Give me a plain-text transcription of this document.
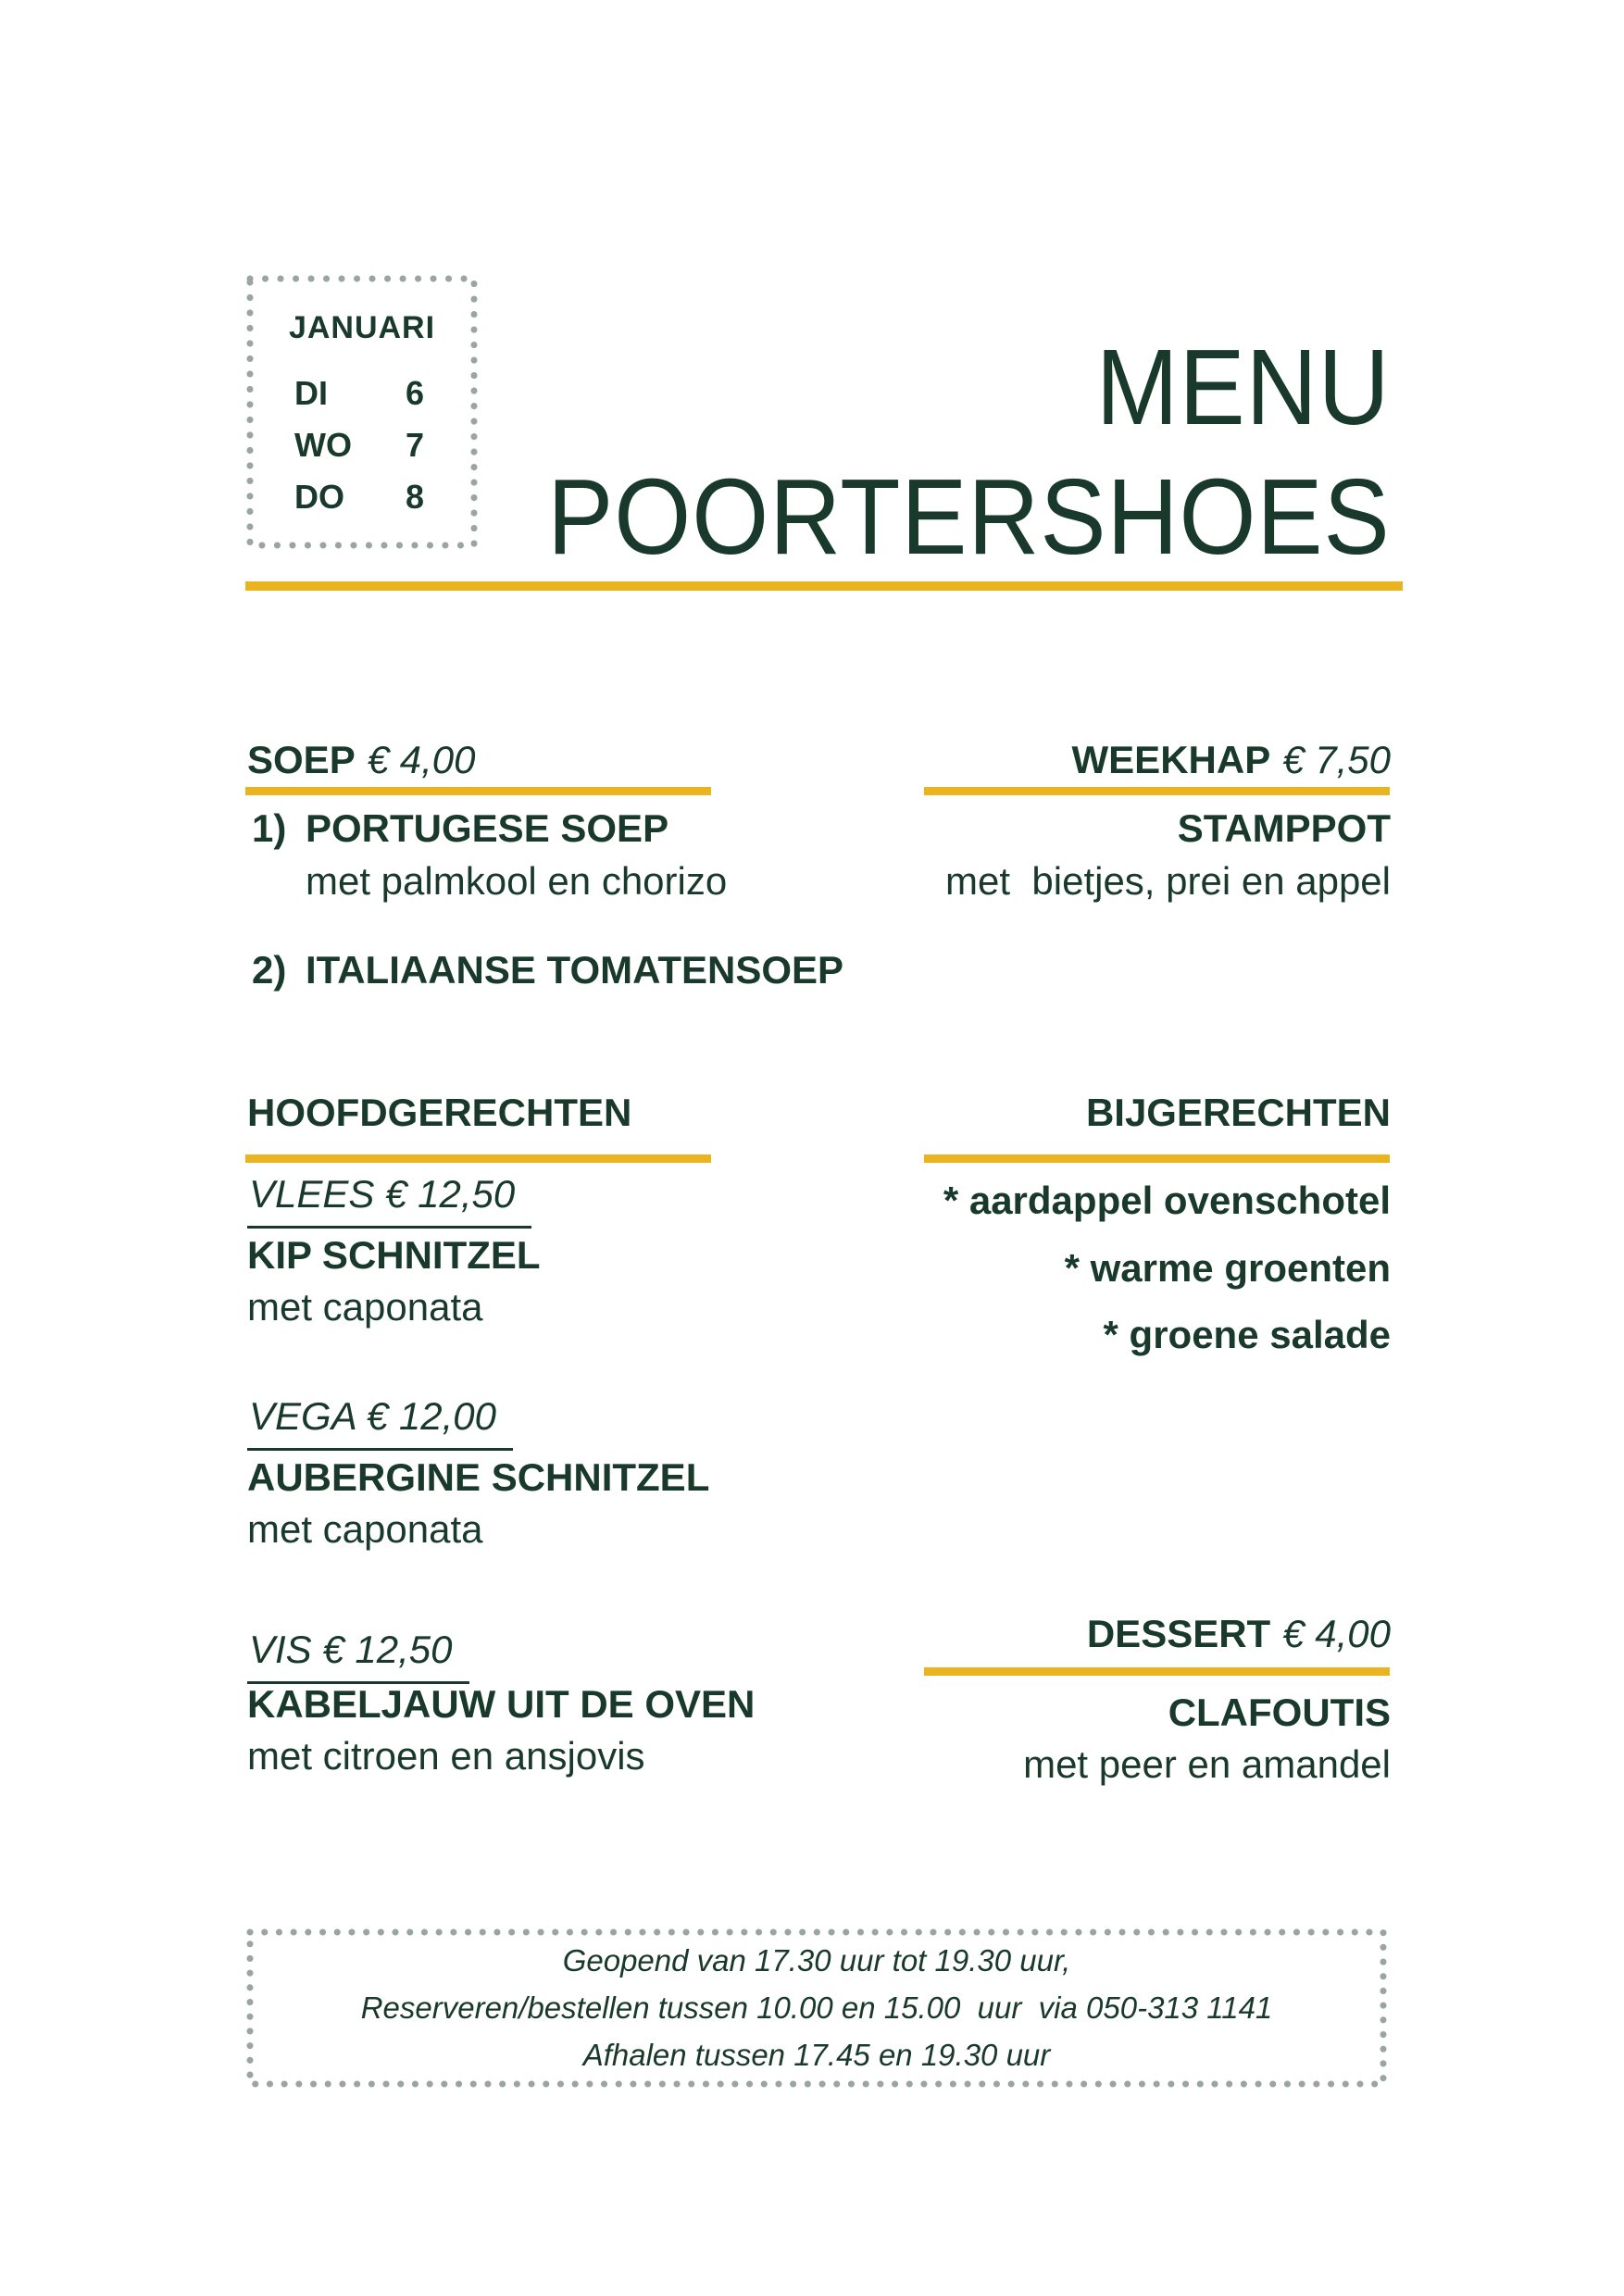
JANUARI
DI 6
WO 7
DO 8
MENU
POORTERSHOES
SOEP € 4,00
1) PORTUGESE SOEP
met palmkool en chorizo
2) ITALIAANSE TOMATENSOEP
HOOFDGERECHTEN
VLEES € 12,50
KIP SCHNITZEL
met caponata
VEGA € 12,00
AUBERGINE SCHNITZEL
met caponata
VIS € 12,50
KABELJAUW UIT DE OVEN
met citroen en ansjovis
WEEKHAP € 7,50
STAMPPOT
met  bietjes, prei en appel
BIJGERECHTEN
* aardappel ovenschotel
* warme groenten
* groene salade
DESSERT € 4,00
CLAFOUTIS
met peer en amandel
Geopend van 17.30 uur tot 19.30 uur,
Reserveren/bestellen tussen 10.00 en 15.00  uur  via 050-313 1141
Afhalen tussen 17.45 en 19.30 uur
